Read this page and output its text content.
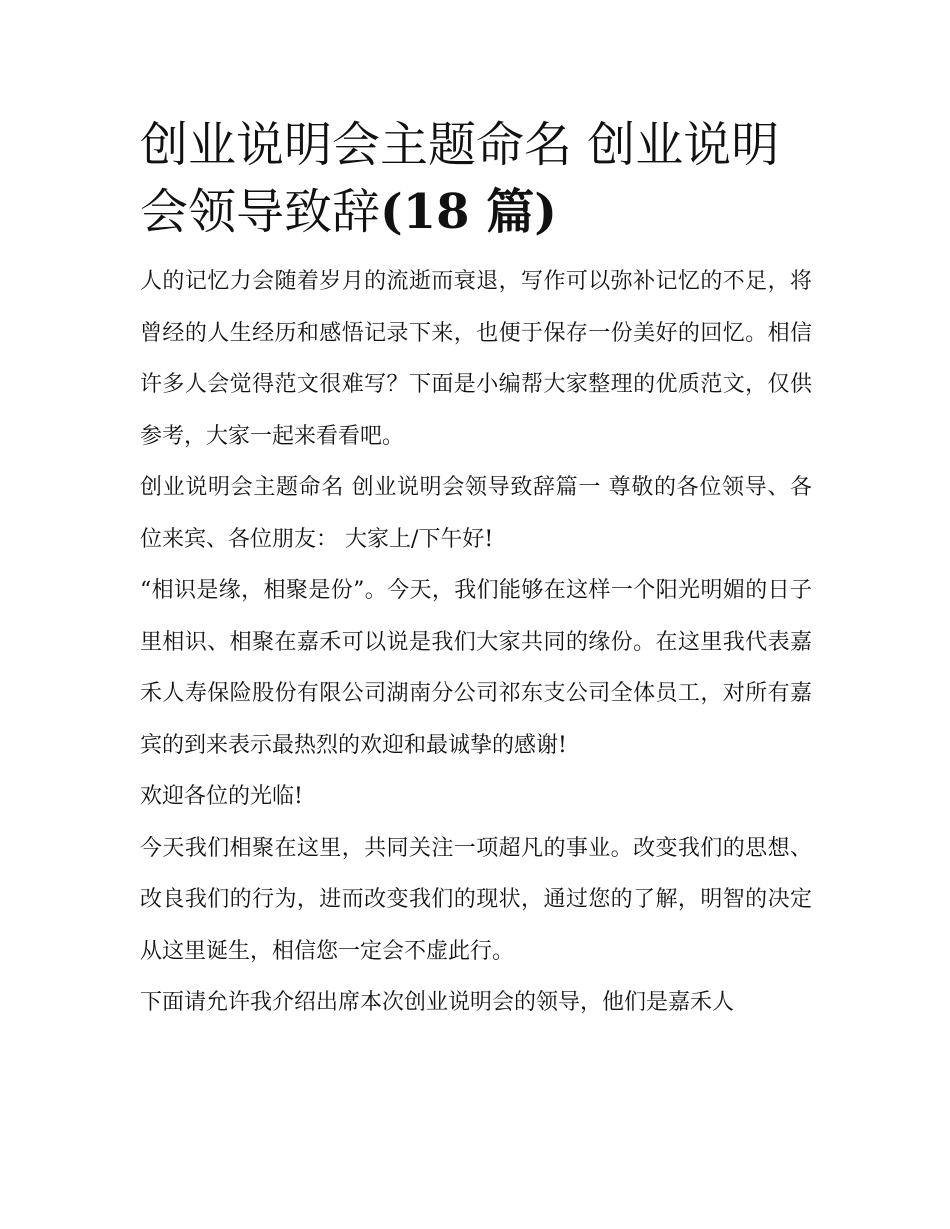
创业说明会主题命名 创业说明会领导致辞(18 篇)

人的记忆力会随着岁月的流逝而衰退，写作可以弥补记忆的不足，将曾经的人生经历和感悟记录下来，也便于保存一份美好的回忆。相信许多人会觉得范文很难写？下面是小编帮大家整理的优质范文，仅供参考，大家一起来看看吧。

创业说明会主题命名 创业说明会领导致辞篇一 尊敬的各位领导、各位来宾、各位朋友： 大家上/下午好!

“相识是缘，相聚是份”。今天，我们能够在这样一个阳光明媚的日子里相识、相聚在嘉禾可以说是我们大家共同的缘份。在这里我代表嘉禾人寿保险股份有限公司湖南分公司祁东支公司全体员工，对所有嘉宾的到来表示最热烈的欢迎和最诚挚的感谢!

欢迎各位的光临!

今天我们相聚在这里，共同关注一项超凡的事业。改变我们的思想、改良我们的行为，进而改变我们的现状，通过您的了解，明智的决定从这里诞生，相信您一定会不虚此行。

下面请允许我介绍出席本次创业说明会的领导，他们是嘉禾人
